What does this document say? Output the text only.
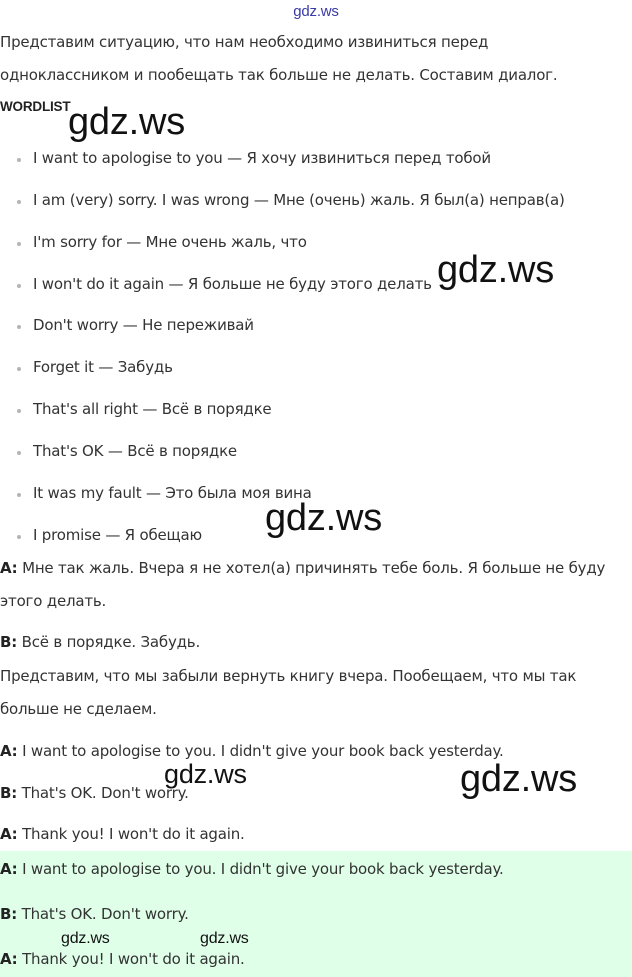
gdz.ws
Представим ситуацию, что нам необходимо извиниться перед
одноклассником и пообещать так больше не делать. Составим диалог.
WORDLIST
I want to apologise to you — Я хочу извиниться перед тобой
I am (very) sorry. I was wrong — Мне (очень) жаль. Я был(а) неправ(а)
I'm sorry for — Мне очень жаль, что
I won't do it again — Я больше не буду этого делать
Don't worry — Не переживай
Forget it — Забудь
That's all right — Всё в порядке
That's OK — Всё в порядке
It was my fault — Это была моя вина
I promise — Я обещаю
A: Мне так жаль. Вчера я не хотел(а) причинять тебе боль. Я больше не буду
этого делать.
B: Всё в порядке. Забудь.
Представим, что мы забыли вернуть книгу вчера. Пообещаем, что мы так
больше не сделаем.
A: I want to apologise to you. I didn't give your book back yesterday.
B: That's OK. Don't worry.
A: Thank you! I won't do it again.
A: I want to apologise to you. I didn't give your book back yesterday.
B: That's OK. Don't worry.
A: Thank you! I won't do it again.
gdz.ws
gdz.ws
gdz.ws
gdz.ws	gdz.ws
gdz.ws	gdz.ws
